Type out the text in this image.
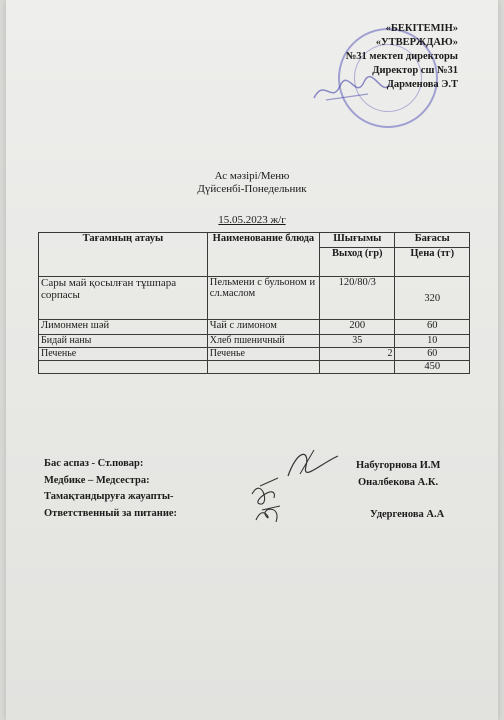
«БЕКІТЕМІН»
«УТВЕРЖДАЮ»
№31 мектеп директоры
Директор сш №31
Дарменова Э.Т
Ас мәзірі/Меню
Дүйсенбі-Понедельник
15.05.2023 ж/г
Тағамның атауы	Наименование блюда	Шығымы	Бағасы
		Выход (гр)	Цена (тг)
Сары май қосылған тұшпара сорпасы	Пельмени с бульоном и сл.маслом	120/80/3	320
Лимонмен шәй	Чай с лимоном	200	60
Бидай наны	Хлеб пшеничный	35	10
Печенье	Печенье	2	60
			450
Бас аспаз - Ст.повар:
Медбике – Медсестра:
Тамақтандыруға жауапты-
Ответственный за питание:
Набугорнова И.М
Оналбекова А.К.
Удергенова А.А
